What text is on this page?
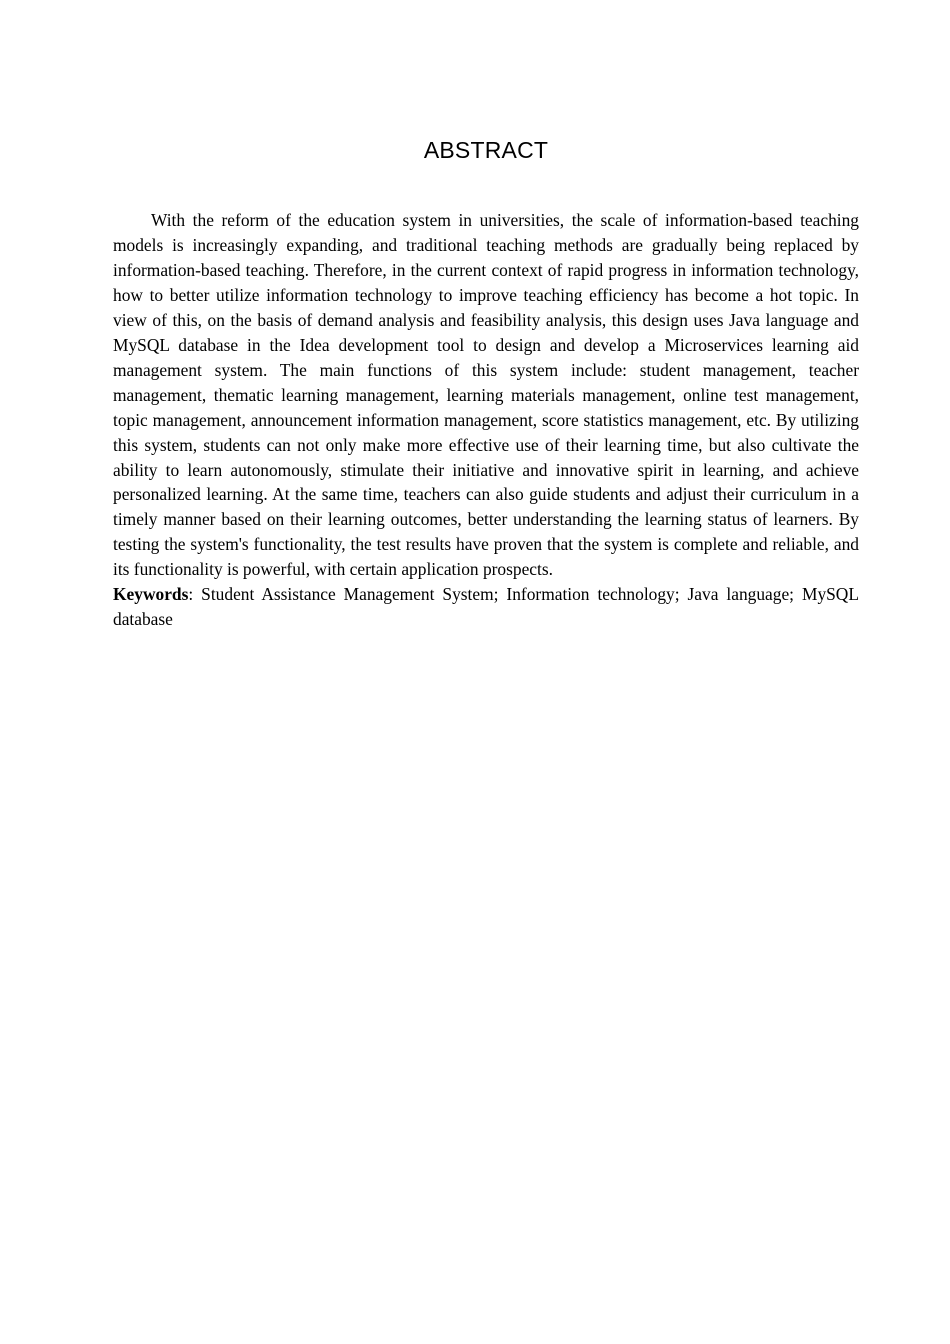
ABSTRACT

With the reform of the education system in universities, the scale of information-based teaching models is increasingly expanding, and traditional teaching methods are gradually being replaced by information-based teaching. Therefore, in the current context of rapid progress in information technology, how to better utilize information technology to improve teaching efficiency has become a hot topic. In view of this, on the basis of demand analysis and feasibility analysis, this design uses Java language and MySQL database in the Idea development tool to design and develop a Microservices learning aid management system. The main functions of this system include: student management, teacher management, thematic learning management, learning materials management, online test management, topic management, announcement information management, score statistics management, etc. By utilizing this system, students can not only make more effective use of their learning time, but also cultivate the ability to learn autonomously, stimulate their initiative and innovative spirit in learning, and achieve personalized learning. At the same time, teachers can also guide students and adjust their curriculum in a timely manner based on their learning outcomes, better understanding the learning status of learners. By testing the system's functionality, the test results have proven that the system is complete and reliable, and its functionality is powerful, with certain application prospects.

Keywords: Student Assistance Management System; Information technology; Java language; MySQL database
